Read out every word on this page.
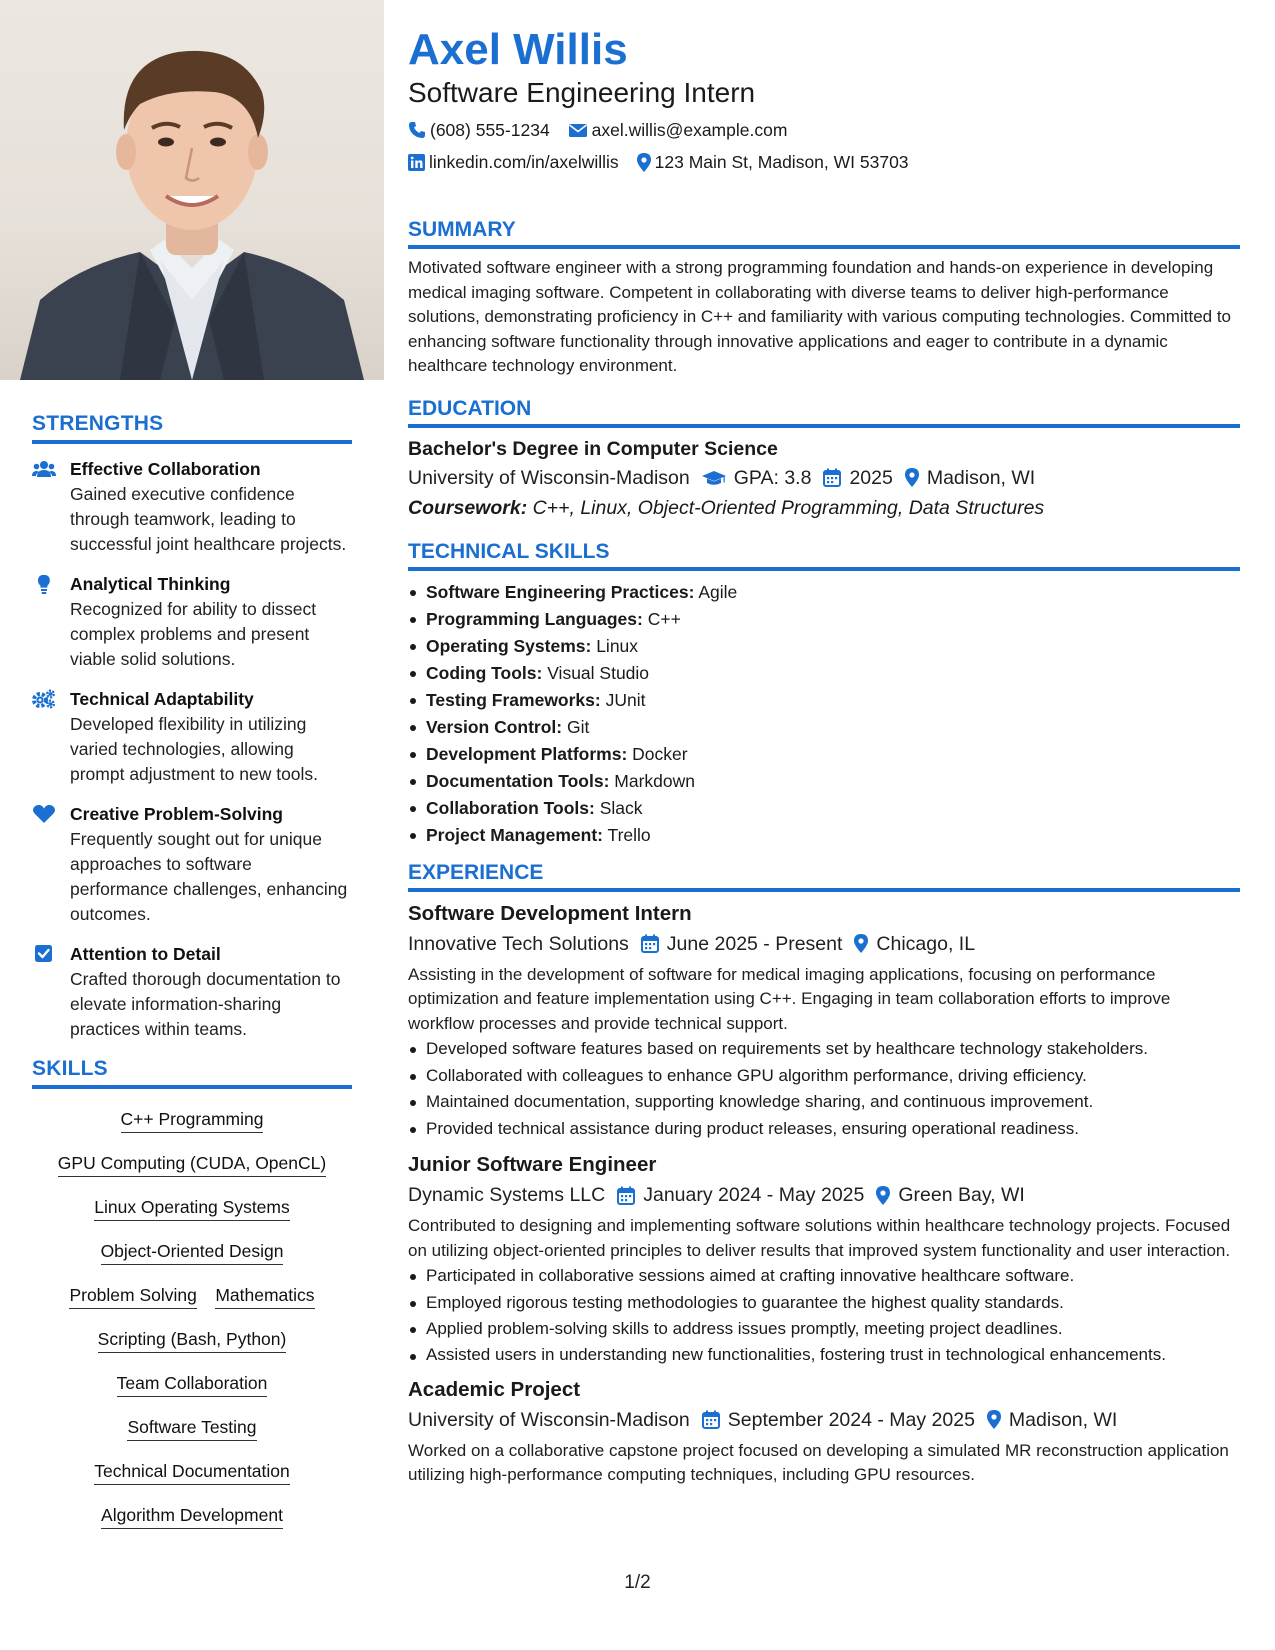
STRENGTHS
Effective Collaboration
Gained executive confidence through teamwork, leading to successful joint healthcare projects.
Analytical Thinking
Recognized for ability to dissect complex problems and present viable solid solutions.
Technical Adaptability
Developed flexibility in utilizing varied technologies, allowing prompt adjustment to new tools.
Creative Problem-Solving
Frequently sought out for unique approaches to software performance challenges, enhancing outcomes.
Attention to Detail
Crafted thorough documentation to elevate information-sharing practices within teams.
SKILLS
C++ Programming
GPU Computing (CUDA, OpenCL)
Linux Operating Systems
Object-Oriented Design
Problem Solving Mathematics
Scripting (Bash, Python)
Team Collaboration
Software Testing
Technical Documentation
Algorithm Development
Axel Willis
Software Engineering Intern
(608) 555-1234 axel.willis@example.com
linkedin.com/in/axelwillis 123 Main St, Madison, WI 53703
SUMMARY
Motivated software engineer with a strong programming foundation and hands-on experience in developing medical imaging software. Competent in collaborating with diverse teams to deliver high-performance solutions, demonstrating proficiency in C++ and familiarity with various computing technologies. Committed to enhancing software functionality through innovative applications and eager to contribute in a dynamic healthcare technology environment.
EDUCATION
Bachelor's Degree in Computer Science
University of Wisconsin-Madison GPA: 3.8 2025 Madison, WI
Coursework: C++, Linux, Object-Oriented Programming, Data Structures
TECHNICAL SKILLS
Software Engineering Practices: Agile
Programming Languages: C++
Operating Systems: Linux
Coding Tools: Visual Studio
Testing Frameworks: JUnit
Version Control: Git
Development Platforms: Docker
Documentation Tools: Markdown
Collaboration Tools: Slack
Project Management: Trello
EXPERIENCE
Software Development Intern
Innovative Tech Solutions June 2025 - Present Chicago, IL
Assisting in the development of software for medical imaging applications, focusing on performance optimization and feature implementation using C++. Engaging in team collaboration efforts to improve workflow processes and provide technical support.
Developed software features based on requirements set by healthcare technology stakeholders.
Collaborated with colleagues to enhance GPU algorithm performance, driving efficiency.
Maintained documentation, supporting knowledge sharing, and continuous improvement.
Provided technical assistance during product releases, ensuring operational readiness.
Junior Software Engineer
Dynamic Systems LLC January 2024 - May 2025 Green Bay, WI
Contributed to designing and implementing software solutions within healthcare technology projects. Focused on utilizing object-oriented principles to deliver results that improved system functionality and user interaction.
Participated in collaborative sessions aimed at crafting innovative healthcare software.
Employed rigorous testing methodologies to guarantee the highest quality standards.
Applied problem-solving skills to address issues promptly, meeting project deadlines.
Assisted users in understanding new functionalities, fostering trust in technological enhancements.
Academic Project
University of Wisconsin-Madison September 2024 - May 2025 Madison, WI
Worked on a collaborative capstone project focused on developing a simulated MR reconstruction application utilizing high-performance computing techniques, including GPU resources.
1/2
